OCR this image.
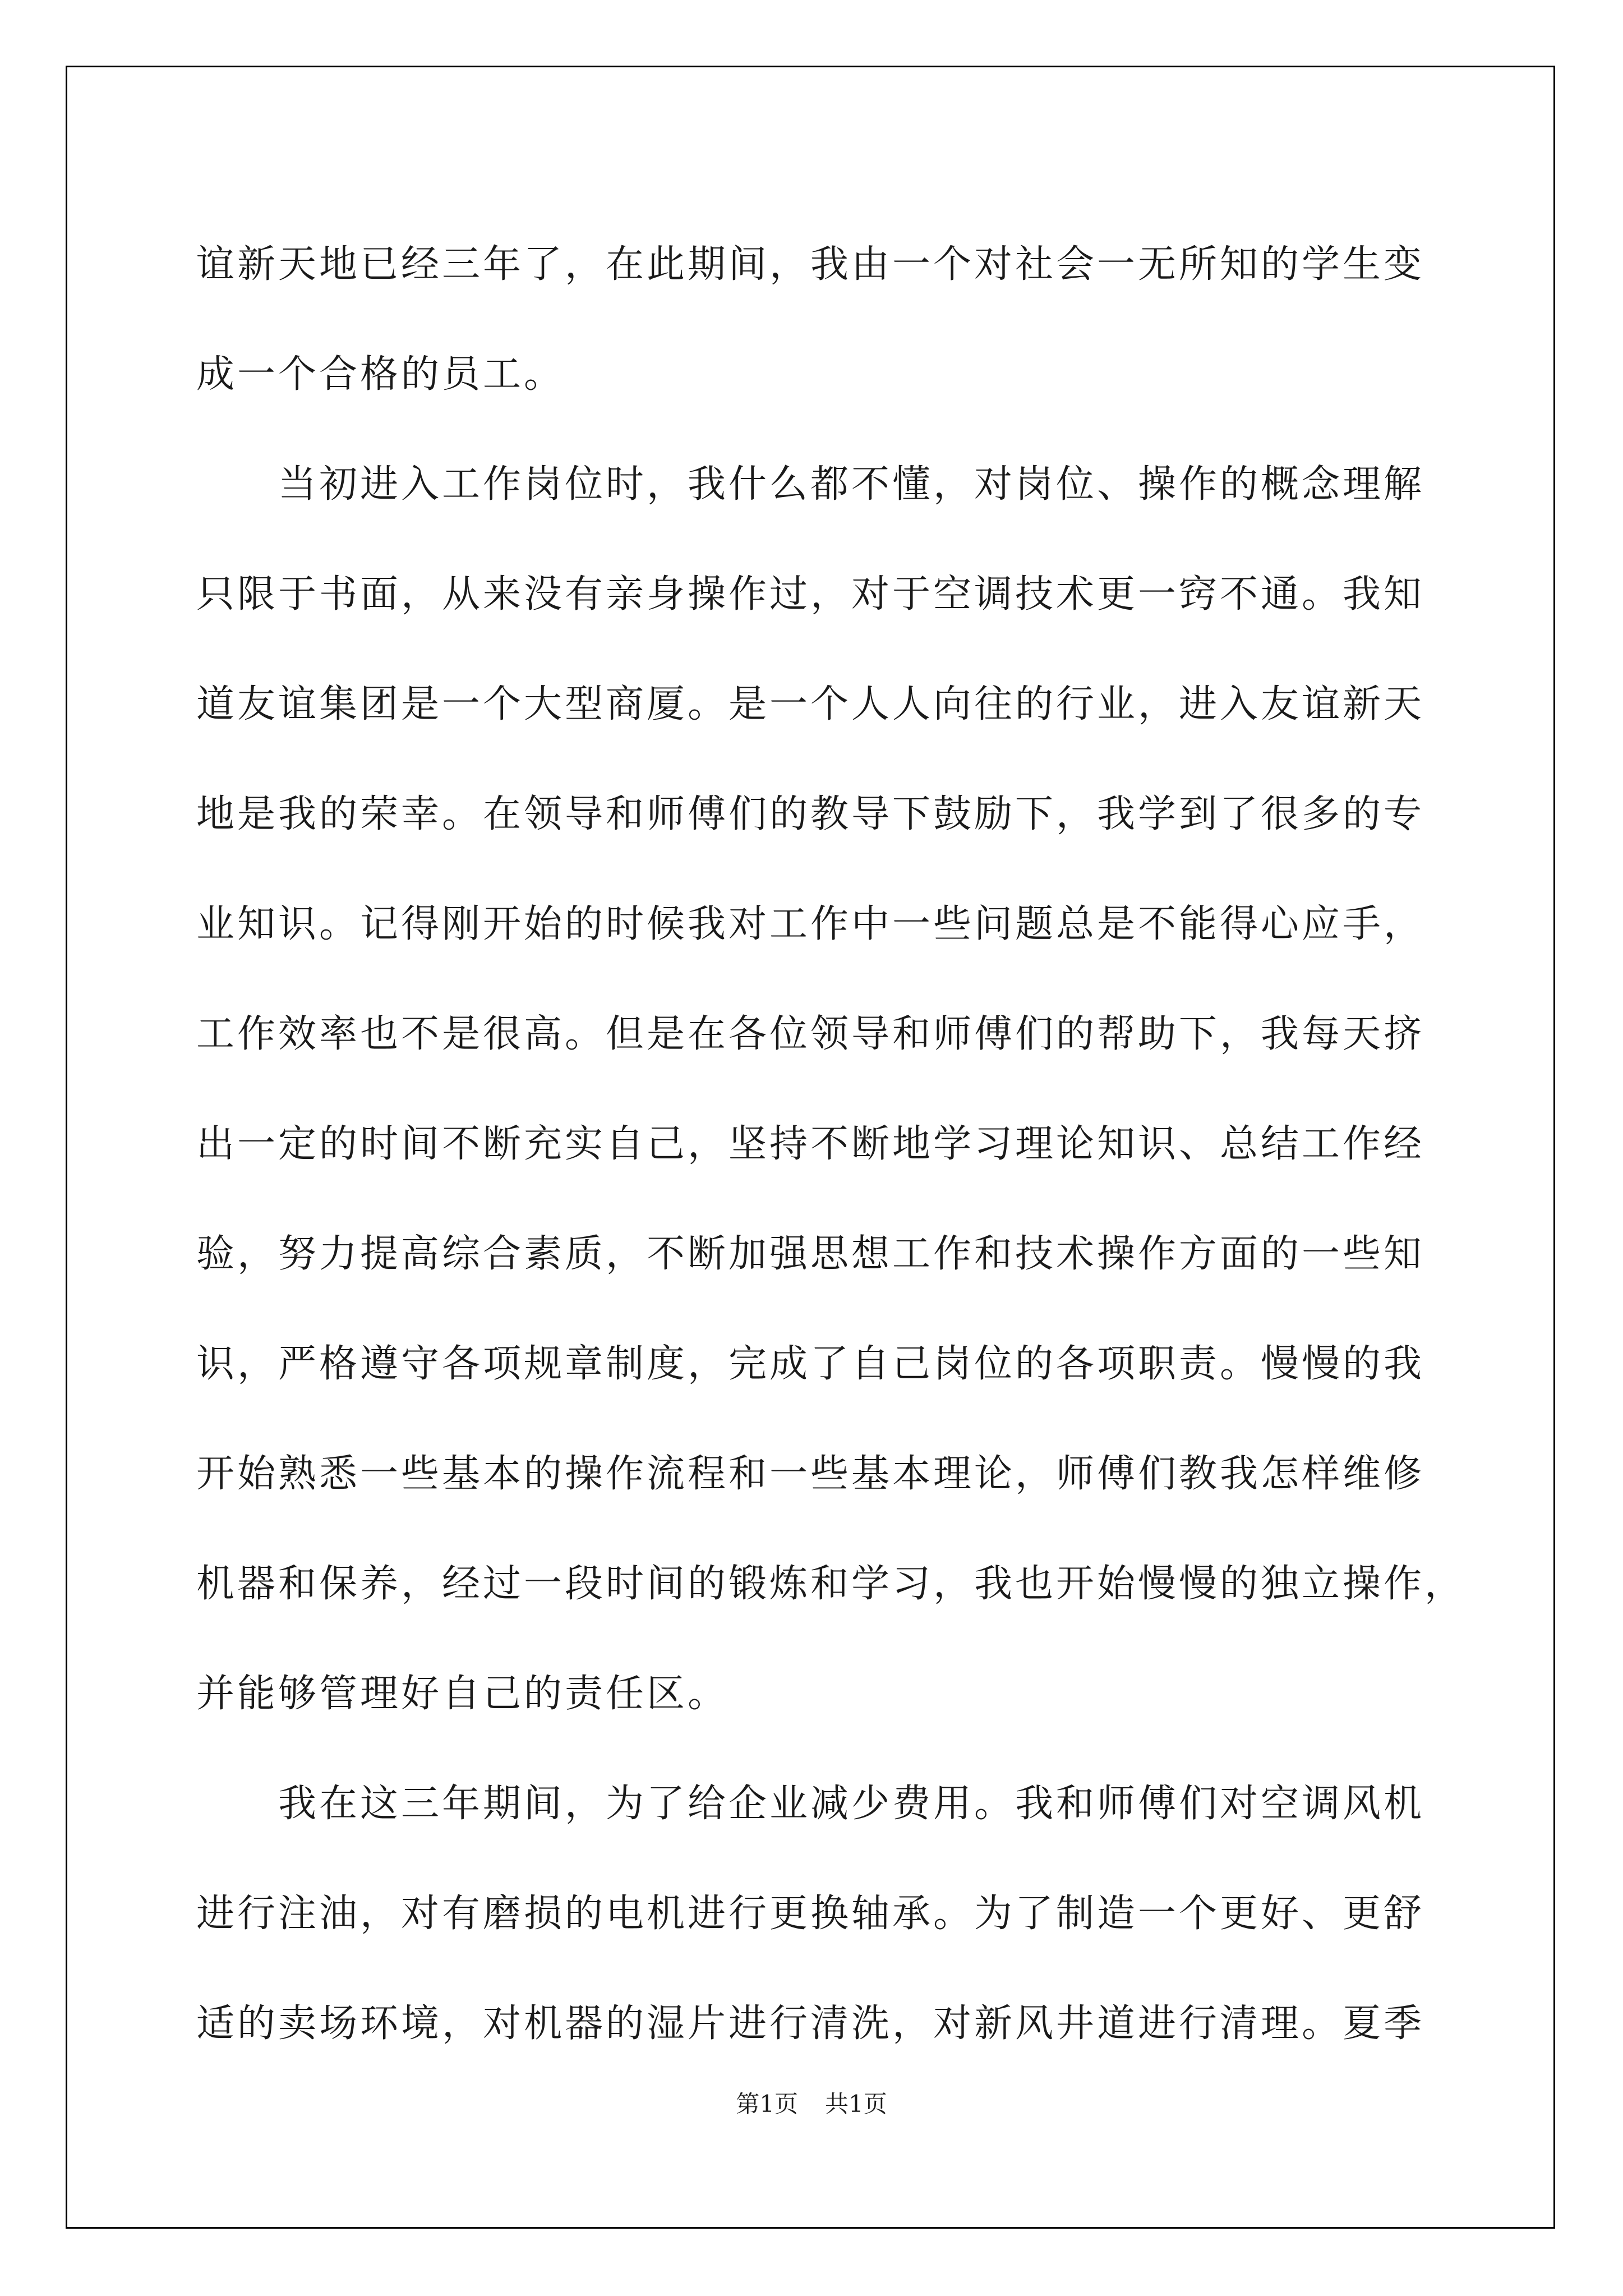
谊新天地已经三年了，在此期间，我由一个对社会一无所知的学生变
成一个合格的员工。
当初进入工作岗位时，我什么都不懂，对岗位、操作的概念理解
只限于书面，从来没有亲身操作过，对于空调技术更一窍不通。我知
道友谊集团是一个大型商厦。是一个人人向往的行业，进入友谊新天
地是我的荣幸。在领导和师傅们的教导下鼓励下，我学到了很多的专
业知识。记得刚开始的时候我对工作中一些问题总是不能得心应手，
工作效率也不是很高。但是在各位领导和师傅们的帮助下，我每天挤
出一定的时间不断充实自己，坚持不断地学习理论知识、总结工作经
验，努力提高综合素质，不断加强思想工作和技术操作方面的一些知
识，严格遵守各项规章制度，完成了自己岗位的各项职责。慢慢的我
开始熟悉一些基本的操作流程和一些基本理论，师傅们教我怎样维修
机器和保养，经过一段时间的锻炼和学习，我也开始慢慢的独立操作，
并能够管理好自己的责任区。
我在这三年期间，为了给企业减少费用。我和师傅们对空调风机
进行注油，对有磨损的电机进行更换轴承。为了制造一个更好、更舒
适的卖场环境，对机器的湿片进行清洗，对新风井道进行清理。夏季
第1页 共1页
